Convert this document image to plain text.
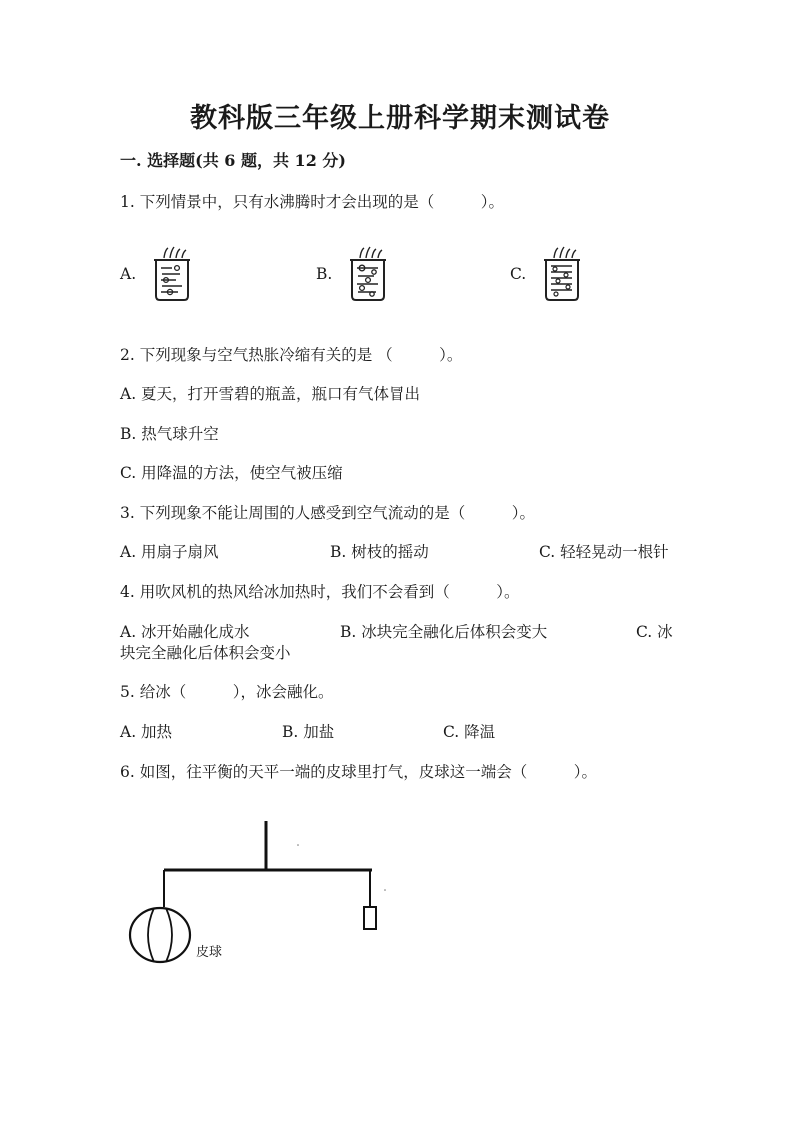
教科版三年级上册科学期末测试卷
一. 选择题(共 6 题，共 12 分)
1. 下列情景中，只有水沸腾时才会出现的是（　　　）。
A.	B.	C.
2. 下列现象与空气热胀冷缩有关的是 （　　　）。
A. 夏天，打开雪碧的瓶盖，瓶口有气体冒出
B. 热气球升空
C. 用降温的方法，使空气被压缩
3. 下列现象不能让周围的人感受到空气流动的是（　　　）。
A. 用扇子扇风	B. 树枝的摇动	C. 轻轻晃动一根针
4. 用吹风机的热风给冰加热时，我们不会看到（　　　）。
A. 冰开始融化成水	B. 冰块完全融化后体积会变大	C. 冰
块完全融化后体积会变小
5. 给冰（　　　），冰会融化。
A. 加热	B. 加盐	C. 降温
6. 如图，往平衡的天平一端的皮球里打气，皮球这一端会（　　　）。
皮球
